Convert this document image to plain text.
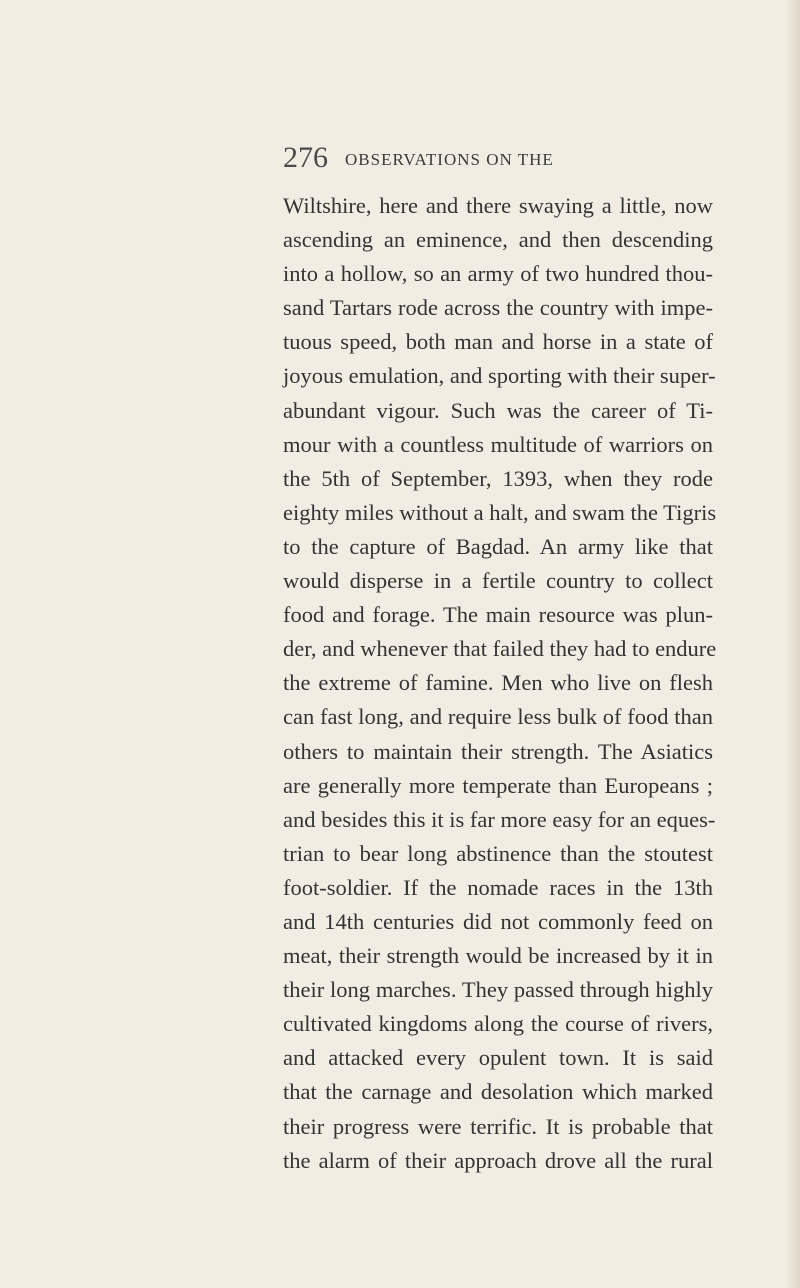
276 OBSERVATIONS ON THE
Wiltshire, here and there swaying a little, now
ascending an eminence, and then descending
into a hollow, so an army of two hundred thou-
sand Tartars rode across the country with impe-
tuous speed, both man and horse in a state of
joyous emulation, and sporting with their super-
abundant vigour. Such was the career of Ti-
mour with a countless multitude of warriors on
the 5th of September, 1393, when they rode
eighty miles without a halt, and swam the Tigris
to the capture of Bagdad. An army like that
would disperse in a fertile country to collect
food and forage. The main resource was plun-
der, and whenever that failed they had to endure
the extreme of famine. Men who live on flesh
can fast long, and require less bulk of food than
others to maintain their strength. The Asiatics
are generally more temperate than Europeans ;
and besides this it is far more easy for an eques-
trian to bear long abstinence than the stoutest
foot-soldier. If the nomade races in the 13th
and 14th centuries did not commonly feed on
meat, their strength would be increased by it in
their long marches. They passed through highly
cultivated kingdoms along the course of rivers,
and attacked every opulent town. It is said
that the carnage and desolation which marked
their progress were terrific. It is probable that
the alarm of their approach drove all the rural
